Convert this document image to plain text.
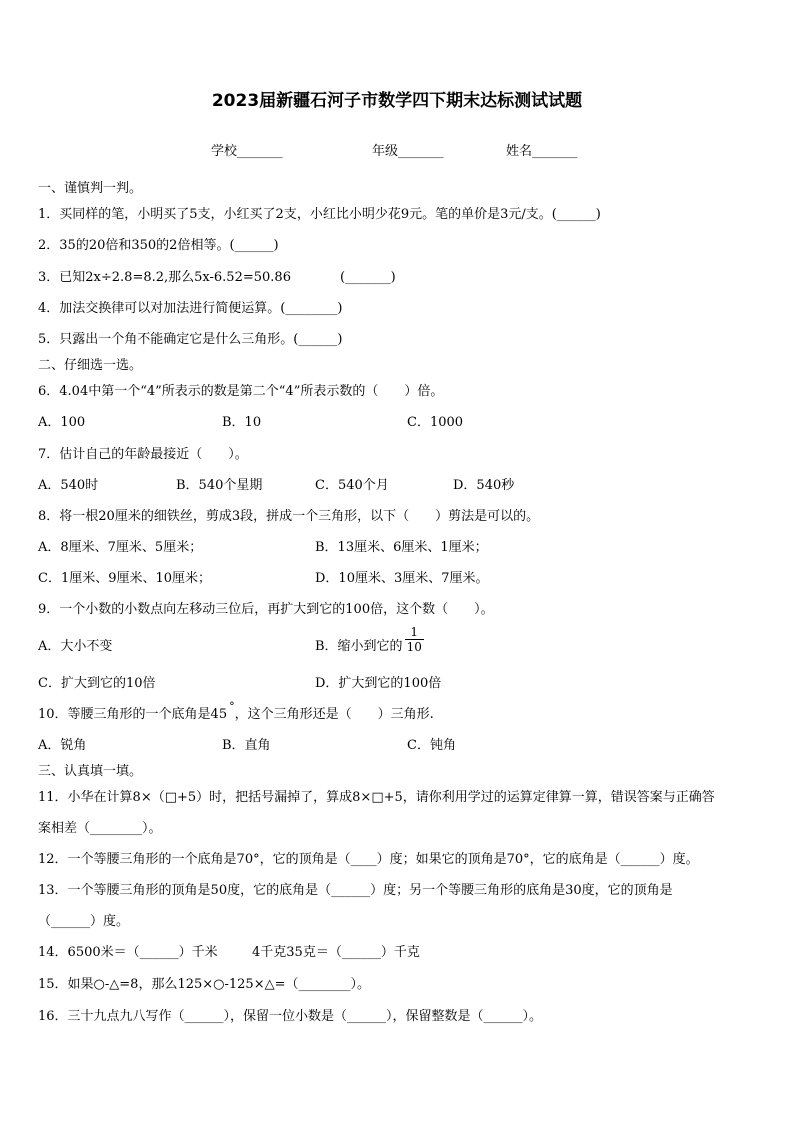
2023届新疆石河子市数学四下期末达标测试试题
学校_______	年级_______	姓名_______
一、谨慎判一判。
1．买同样的笔，小明买了5支，小红买了2支，小红比小明少花9元。笔的单价是3元/支。(______)
2．35的20倍和350的2倍相等。(______)
3．已知2x÷2.8=8.2,那么5x-6.52=50.86	(_______)
4．加法交换律可以对加法进行简便运算。(________)
5．只露出一个角不能确定它是什么三角形。(______)
二、仔细选一选。
6．4.04中第一个“4”所表示的数是第二个“4”所表示数的（　　）倍。
A．100	B．10	C．1000
7．估计自己的年龄最接近（　　）。
A．540时	B．540个星期	C．540个月	D．540秒
8．将一根20厘米的细铁丝，剪成3段，拼成一个三角形，以下（　　）剪法是可以的。
A．8厘米、7厘米、5厘米；	B．13厘米、6厘米、1厘米；
C．1厘米、9厘米、10厘米；	D．10厘米、3厘米、7厘米。
9．一个小数的小数点向左移动三位后，再扩大到它的100倍，这个数（　　）。
A．大小不变	B．缩小到它的 $\frac{1}{10}$
C．扩大到它的10倍	D．扩大到它的100倍
10．等腰三角形的一个底角是45°，这个三角形还是（　　）三角形.
A．锐角	B．直角	C．钝角
三、认真填一填。
11．小华在计算8×（□+5）时，把括号漏掉了，算成8×□+5，请你利用学过的运算定律算一算，错误答案与正确答
案相差（________）。
12．一个等腰三角形的一个底角是70°，它的顶角是（____）度；如果它的顶角是70°，它的底角是（______）度。
13．一个等腰三角形的顶角是50度，它的底角是（______）度；另一个等腰三角形的底角是30度，它的顶角是
（______）度。
14．6500米＝（______）千米	4千克35克＝（______）千克
15．如果○-△=8，那么125×○-125×△=（________）。
16．三十九点九八写作（______），保留一位小数是（______），保留整数是（______）。
